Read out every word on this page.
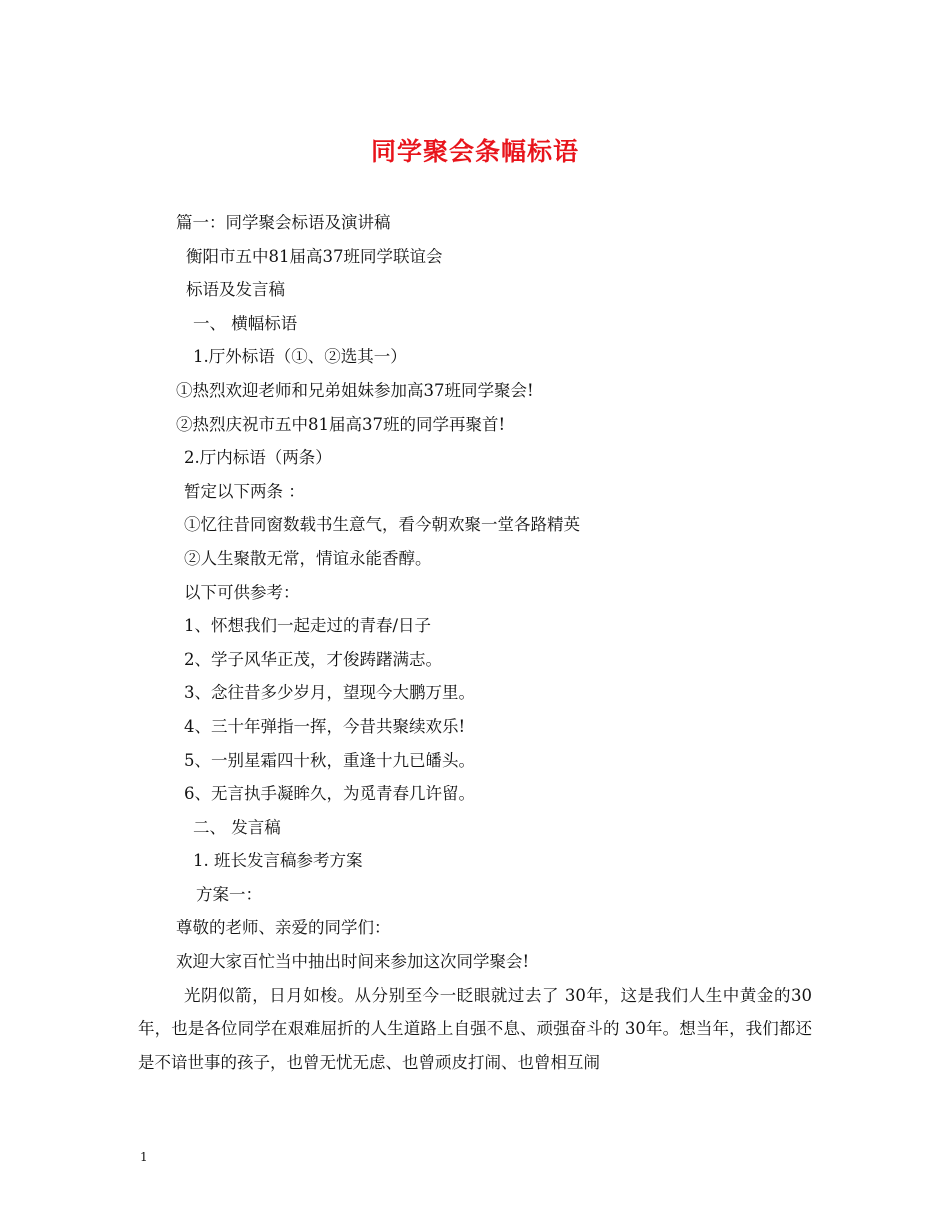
同学聚会条幅标语
篇一：同学聚会标语及演讲稿
衡阳市五中81届高37班同学联谊会
标语及发言稿
一、 横幅标语
1.厅外标语（①、②选其一）
①热烈欢迎老师和兄弟姐妹参加高37班同学聚会!
②热烈庆祝市五中81届高37班的同学再聚首!
2.厅内标语（两条）
暂定以下两条 ：
①忆往昔同窗数载书生意气，看今朝欢聚一堂各路精英
②人生聚散无常，情谊永能香醇。
以下可供参考：
1、怀想我们一起走过的青春/日子
2、学子风华正茂，才俊踌躇满志。
3、念往昔多少岁月，望现今大鹏万里。
4、三十年弹指一挥，今昔共聚续欢乐!
5、一别星霜四十秋，重逢十九已皤头。
6、无言执手凝眸久，为觅青春几许留。
二、 发言稿
1. 班长发言稿参考方案
方案一：
尊敬的老师、亲爱的同学们：
欢迎大家百忙当中抽出时间来参加这次同学聚会!
光阴似箭，日月如梭。从分别至今一眨眼就过去了 30年，这是我们人生中黄金的30年，也是各位同学在艰难屈折的人生道路上自强不息、顽强奋斗的 30年。想当年，我们都还是不谙世事的孩子，也曾无忧无虑、也曾顽皮打闹、也曾相互闹
1
